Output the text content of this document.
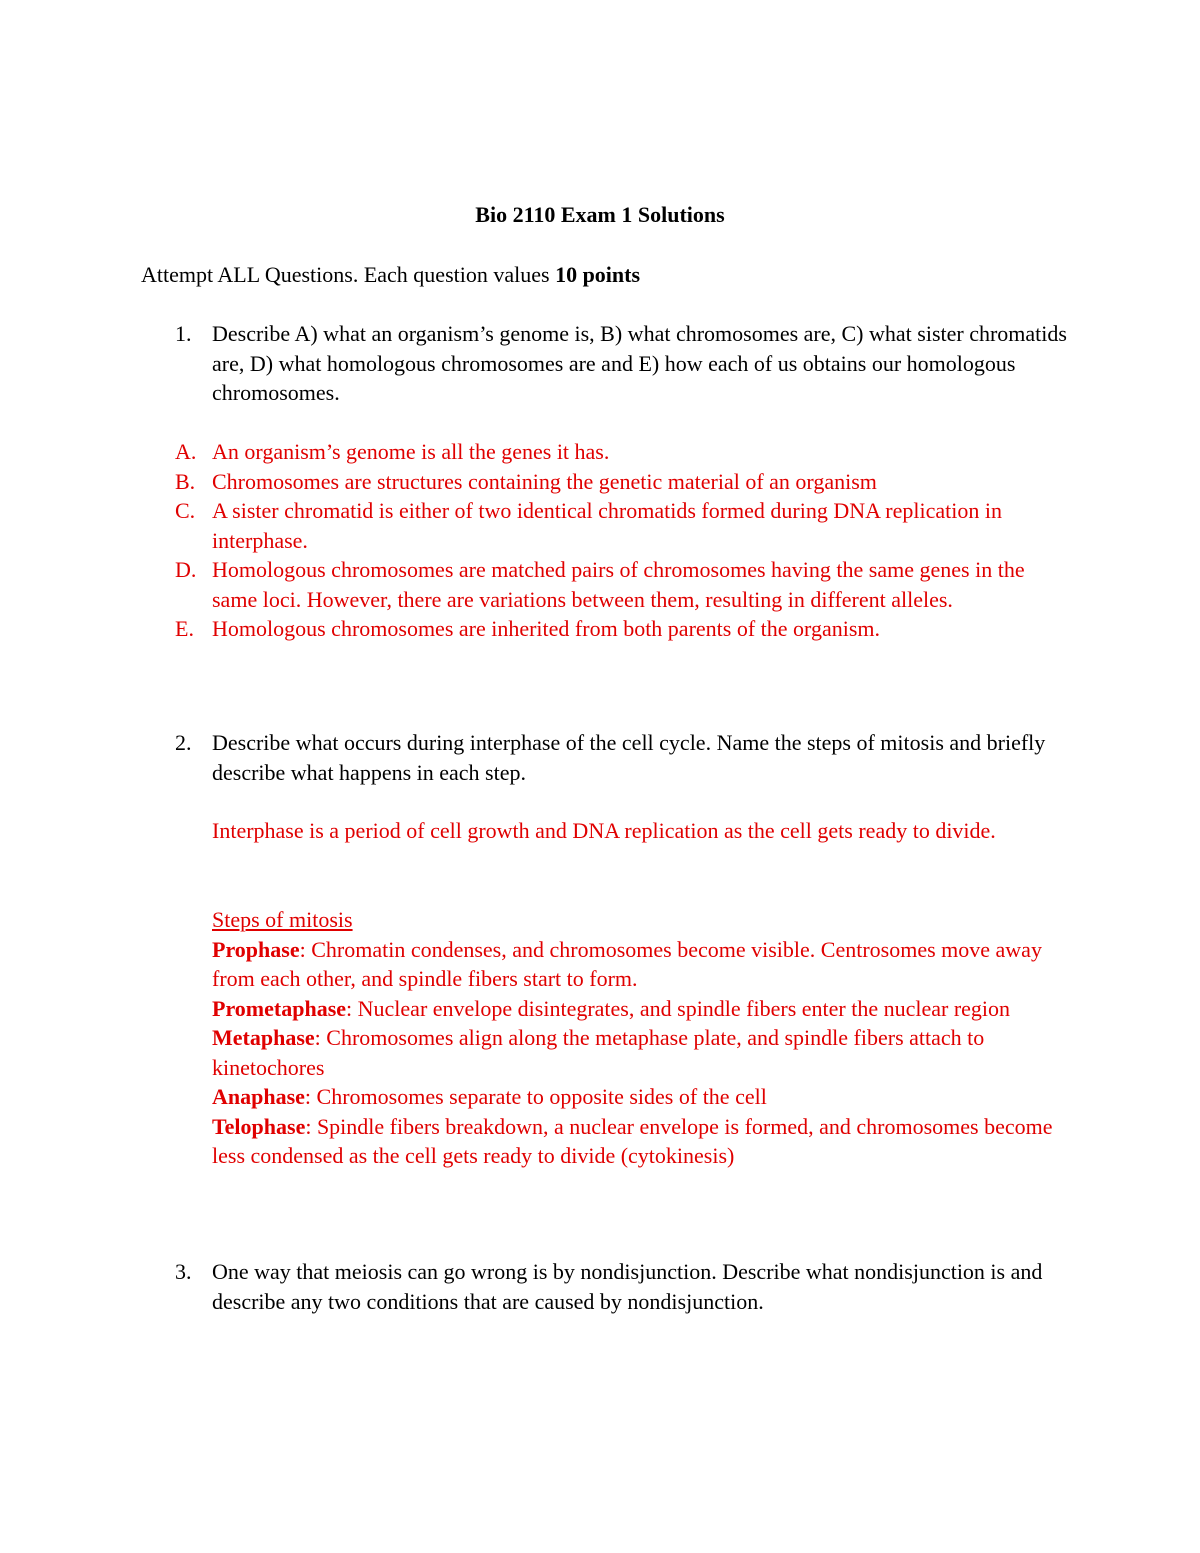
Bio 2110 Exam 1 Solutions
Attempt ALL Questions. Each question values 10 points
1. Describe A) what an organism’s genome is, B) what chromosomes are, C) what sister chromatids are, D) what homologous chromosomes are and E) how each of us obtains our homologous chromosomes.
A. An organism’s genome is all the genes it has.
B. Chromosomes are structures containing the genetic material of an organism
C. A sister chromatid is either of two identical chromatids formed during DNA replication in interphase.
D. Homologous chromosomes are matched pairs of chromosomes having the same genes in the same loci. However, there are variations between them, resulting in different alleles.
E. Homologous chromosomes are inherited from both parents of the organism.
2. Describe what occurs during interphase of the cell cycle. Name the steps of mitosis and briefly describe what happens in each step.
Interphase is a period of cell growth and DNA replication as the cell gets ready to divide.
Steps of mitosis
Prophase: Chromatin condenses, and chromosomes become visible. Centrosomes move away from each other, and spindle fibers start to form.
Prometaphase: Nuclear envelope disintegrates, and spindle fibers enter the nuclear region
Metaphase: Chromosomes align along the metaphase plate, and spindle fibers attach to kinetochores
Anaphase: Chromosomes separate to opposite sides of the cell
Telophase: Spindle fibers breakdown, a nuclear envelope is formed, and chromosomes become less condensed as the cell gets ready to divide (cytokinesis)
3. One way that meiosis can go wrong is by nondisjunction. Describe what nondisjunction is and describe any two conditions that are caused by nondisjunction.
